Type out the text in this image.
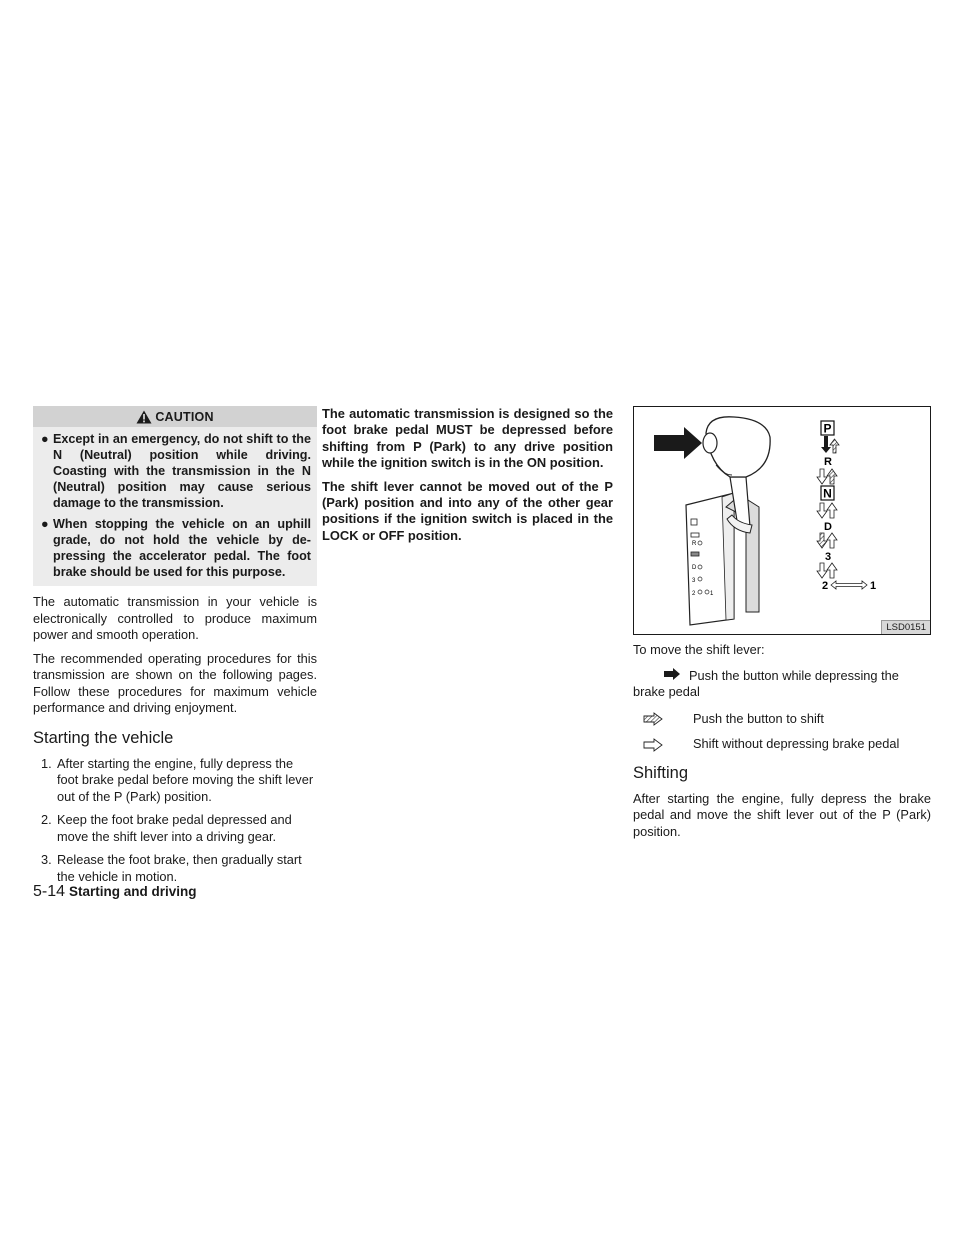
CAUTION
● Except in an emergency, do not shift to the N (Neutral) position while driving. Coasting with the transmission in the N (Neutral) position may cause serious damage to the transmission.
● When stopping the vehicle on an uphill grade, do not hold the vehicle by de-pressing the accelerator pedal. The foot brake should be used for this purpose.

The automatic transmission in your vehicle is electronically controlled to produce maximum power and smooth operation.

The recommended operating procedures for this transmission are shown on the following pages. Follow these procedures for maximum vehicle performance and driving enjoyment.

Starting the vehicle
1. After starting the engine, fully depress the foot brake pedal before moving the shift lever out of the P (Park) position.
2. Keep the foot brake pedal depressed and move the shift lever into a driving gear.
3. Release the foot brake, then gradually start the vehicle in motion.

The automatic transmission is designed so the foot brake pedal MUST be depressed before shifting from P (Park) to any drive position while the ignition switch is in the ON position.

The shift lever cannot be moved out of the P (Park) position and into any of the other gear positions if the ignition switch is placed in the LOCK or OFF position.

R
D
3
2 1
P
R
N
D
3
2	1
LSD0151

To move the shift lever:

Push the button while depressing the brake pedal
Push the button to shift
Shift without depressing brake pedal
Shifting

After starting the engine, fully depress the brake pedal and move the shift lever out of the P (Park) position.

5-14 Starting and driving
